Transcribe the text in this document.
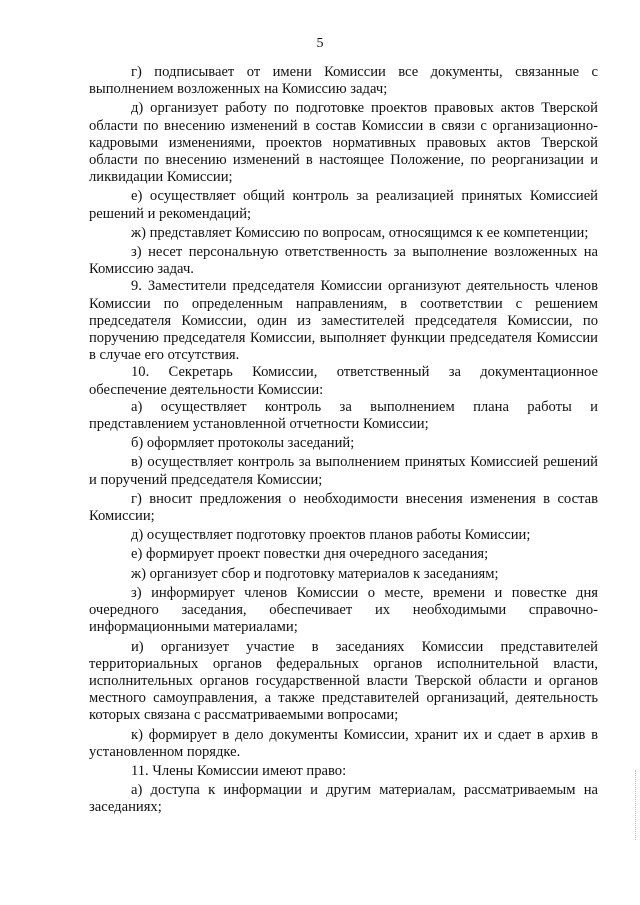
5

г) подписывает от имени Комиссии все документы, связанные с выполнением возложенных на Комиссию задач;

д) организует работу по подготовке проектов правовых актов Тверской области по внесению изменений в состав Комиссии в связи с организационно-кадровыми изменениями, проектов нормативных правовых актов Тверской области по внесению изменений в настоящее Положение, по реорганизации и ликвидации Комиссии;

е) осуществляет общий контроль за реализацией принятых Комиссией решений и рекомендаций;

ж) представляет Комиссию по вопросам, относящимся к ее компетенции;

з) несет персональную ответственность за выполнение возложенных на Комиссию задач.

9. Заместители председателя Комиссии организуют деятельность членов Комиссии по определенным направлениям, в соответствии с решением председателя Комиссии, один из заместителей председателя Комиссии, по поручению председателя Комиссии, выполняет функции председателя Комиссии в случае его отсутствия.

10. Секретарь Комиссии, ответственный за документационное обеспечение деятельности Комиссии:

а) осуществляет контроль за выполнением плана работы и представлением установленной отчетности Комиссии;

б) оформляет протоколы заседаний;

в) осуществляет контроль за выполнением принятых Комиссией решений и поручений председателя Комиссии;

г) вносит предложения о необходимости внесения изменения в состав Комиссии;

д) осуществляет подготовку проектов планов работы Комиссии;

е) формирует проект повестки дня очередного заседания;

ж) организует сбор и подготовку материалов к заседаниям;

з) информирует членов Комиссии о месте, времени и повестке дня очередного заседания, обеспечивает их необходимыми справочно-информационными материалами;

и) организует участие в заседаниях Комиссии представителей территориальных органов федеральных органов исполнительной власти, исполнительных органов государственной власти Тверской области и органов местного самоуправления, а также представителей организаций, деятельность которых связана с рассматриваемыми вопросами;

к) формирует в дело документы Комиссии, хранит их и сдает в архив в установленном порядке.

11. Члены Комиссии имеют право:

а) доступа к информации и другим материалам, рассматриваемым на заседаниях;
